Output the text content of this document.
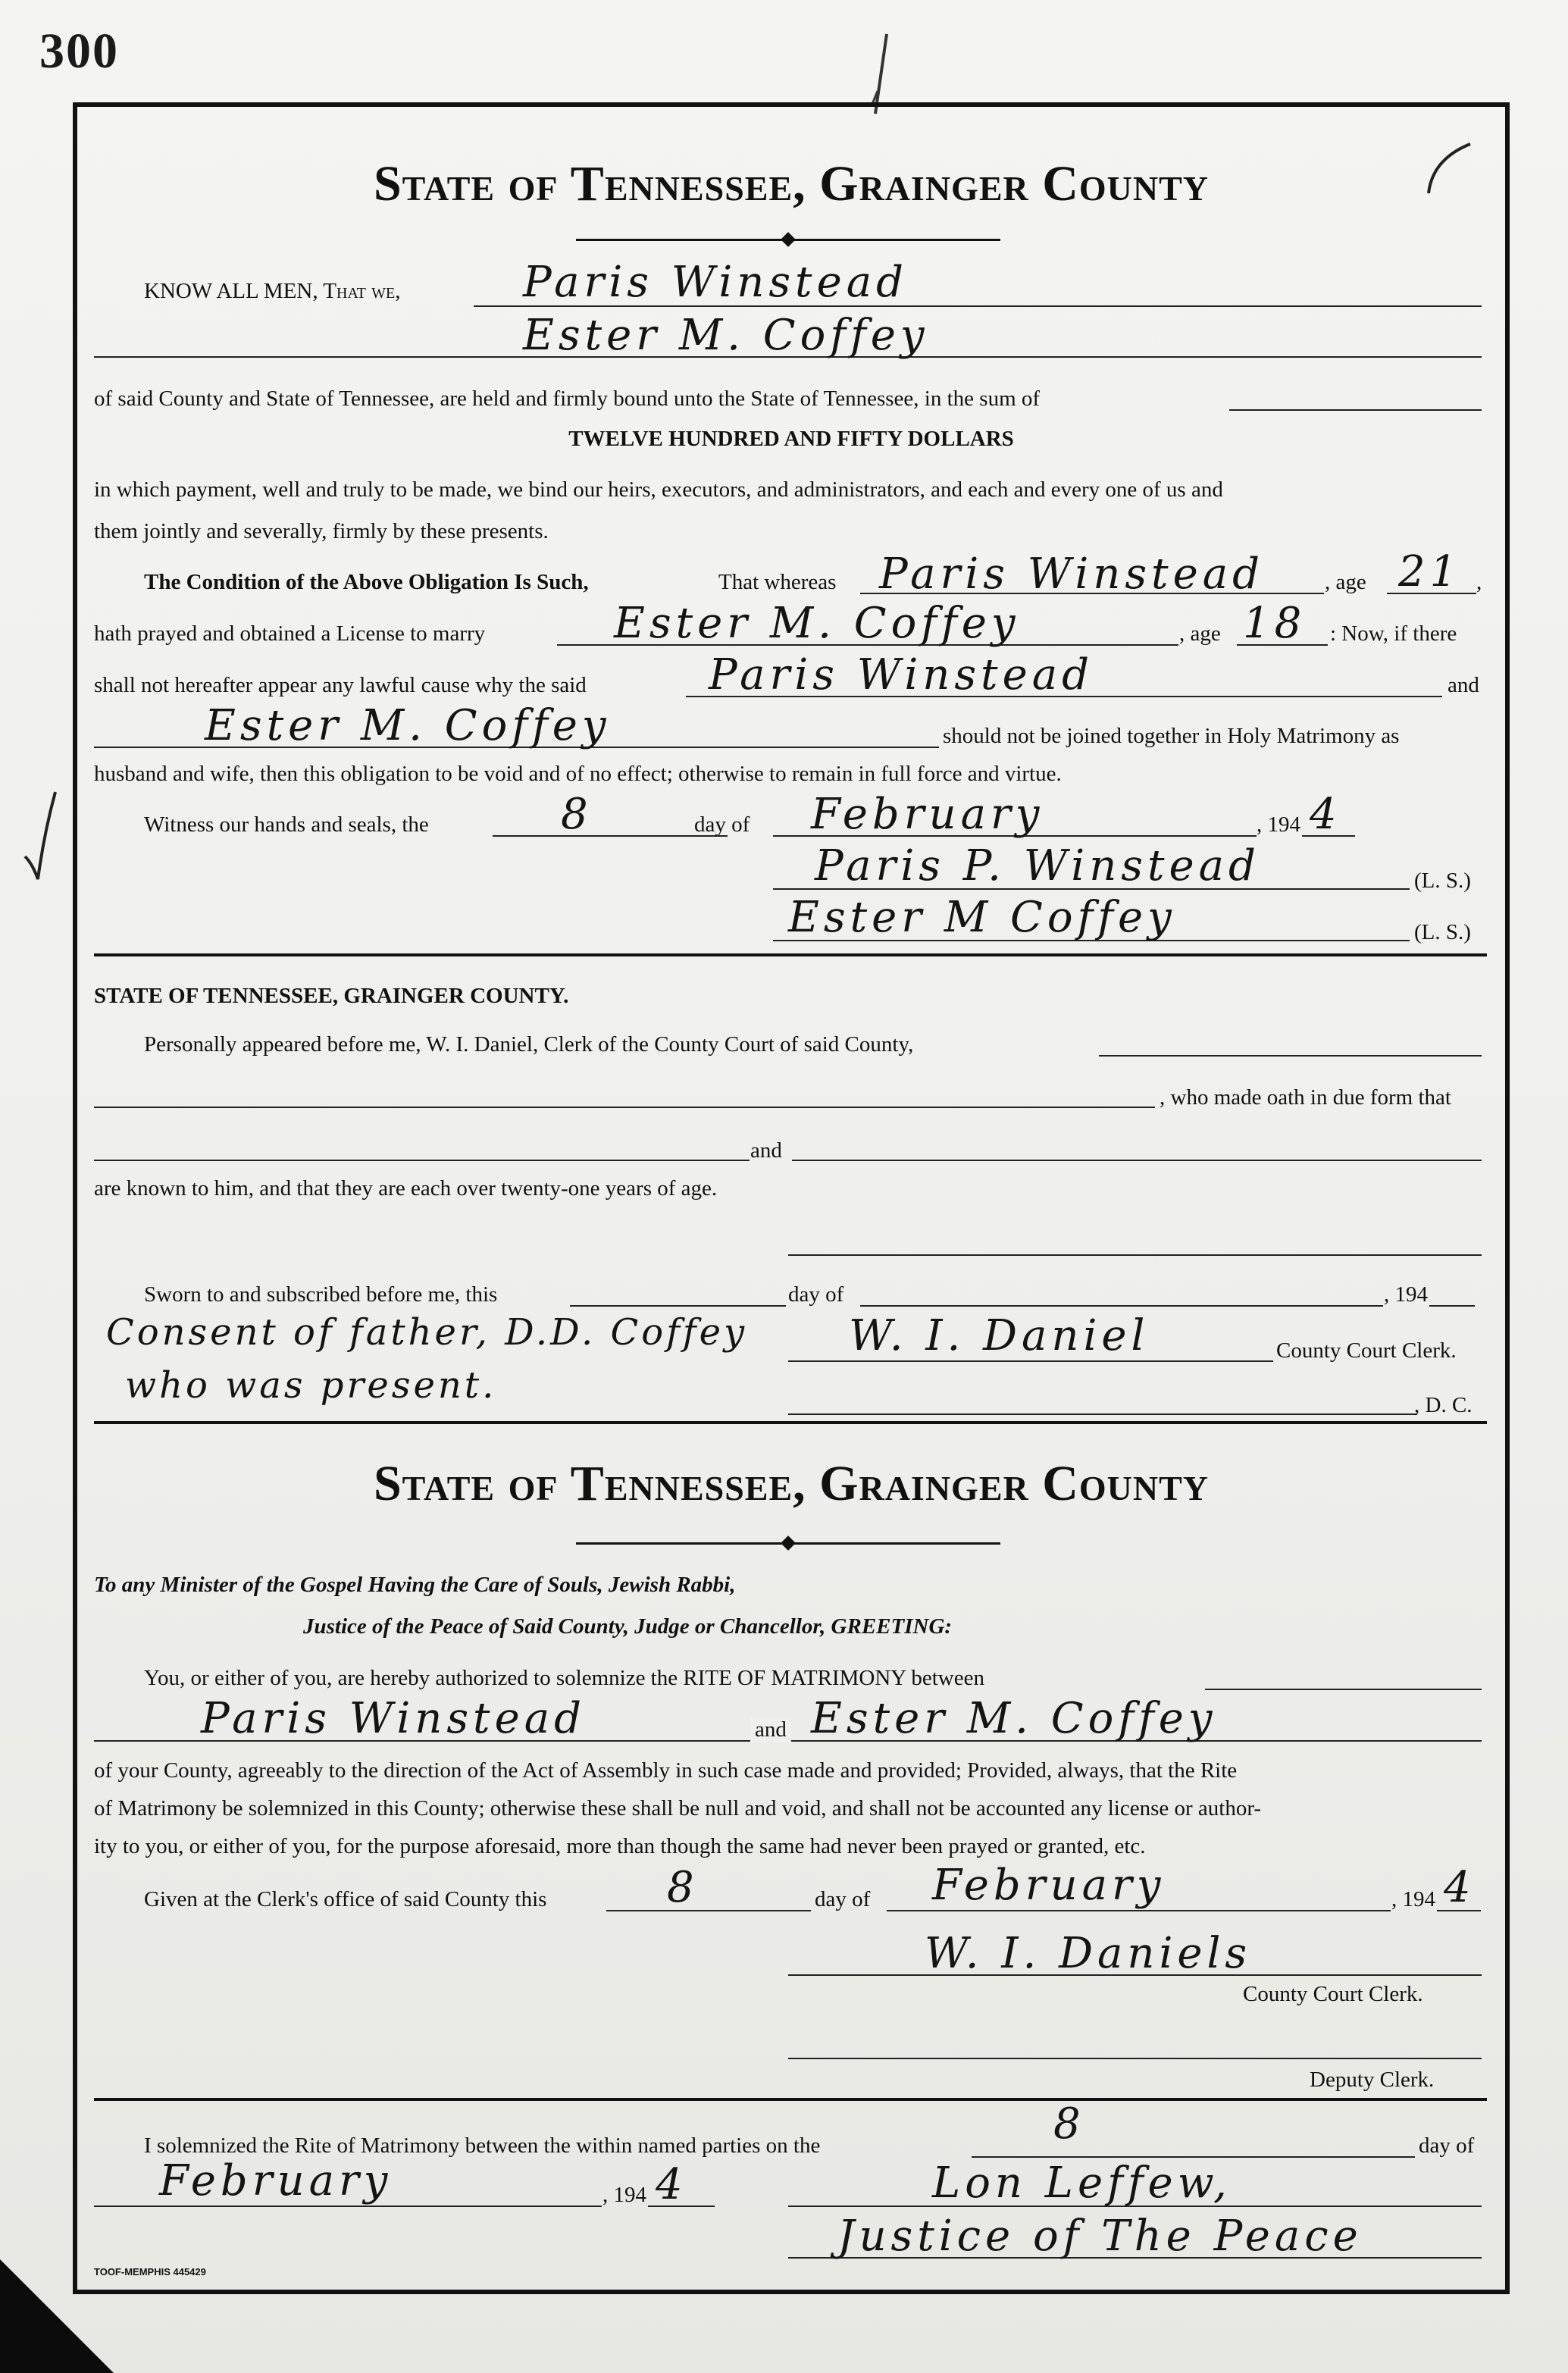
300
State of Tennessee, Grainger County
KNOW ALL MEN, That we,	Paris Winstead
Ester M. Coffey
of said County and State of Tennessee, are held and firmly bound unto the State of Tennessee, in the sum of
TWELVE HUNDRED AND FIFTY DOLLARS
in which payment, well and truly to be made, we bind our heirs, executors, and administrators, and each and every one of us and
them jointly and severally, firmly by these presents.
The Condition of the Above Obligation Is Such,	That whereas Paris Winstead	, age 21 ,
hath prayed and obtained a License to marry	Ester M. Coffey	, age 18 : Now, if there
shall not hereafter appear any lawful cause why the said	Paris Winstead	and
Ester M. Coffey	should not be joined together in Holy Matrimony as
husband and wife, then this obligation to be void and of no effect; otherwise to remain in full force and virtue.
Witness our hands and seals, the	8	day of February	, 194 4
Paris P. Winstead	(L. S.)
Ester M Coffey	(L. S.)
STATE OF TENNESSEE, GRAINGER COUNTY.
Personally appeared before me, W. I. Daniel, Clerk of the County Court of said County,
, who made oath in due form that
and
are known to him, and that they are each over twenty-one years of age.
Sworn to and subscribed before me, this	day of	, 194
Consent of father, D.D. Coffey
who was present.
W. I. Daniel	County Court Clerk.
, D. C.
State of Tennessee, Grainger County
To any Minister of the Gospel Having the Care of Souls, Jewish Rabbi,
Justice of the Peace of Said County, Judge or Chancellor, GREETING:
You, or either of you, are hereby authorized to solemnize the RITE OF MATRIMONY between
Paris Winstead	and Ester M. Coffey
of your County, agreeably to the direction of the Act of Assembly in such case made and provided; Provided, always, that the Rite
of Matrimony be solemnized in this County; otherwise these shall be null and void, and shall not be accounted any license or author-
ity to you, or either of you, for the purpose aforesaid, more than though the same had never been prayed or granted, etc.
Given at the Clerk's office of said County this	8	day of February	, 194 4
W. I. Daniels
County Court Clerk.
Deputy Clerk.
I solemnized the Rite of Matrimony between the within named parties on the	8	day of
February	, 194 4	Lon Leffew,
Justice of The Peace
TOOF-MEMPHIS 445429
